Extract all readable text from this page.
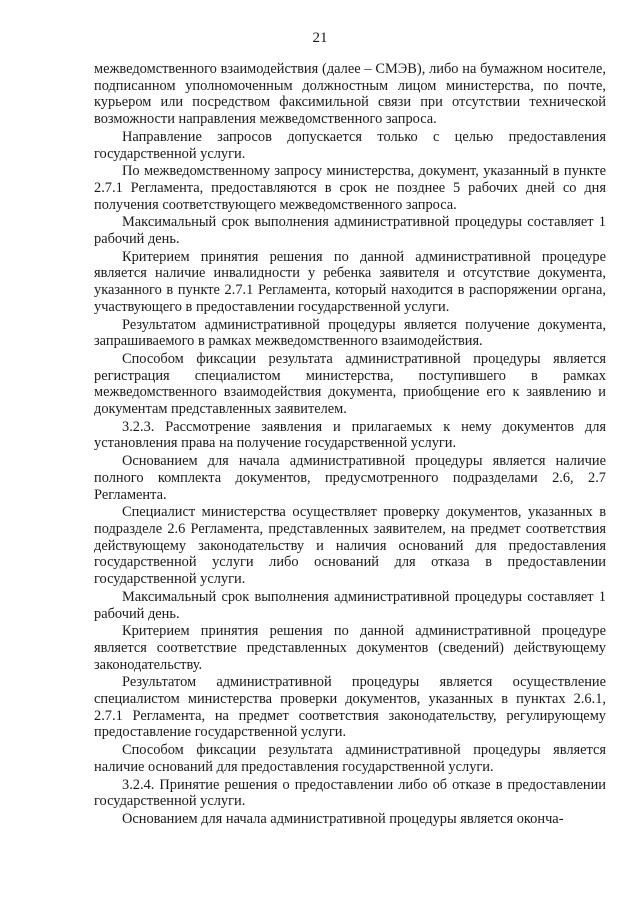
21

межведомственного взаимодействия (далее – СМЭВ), либо на бумажном носителе, подписанном уполномоченным должностным лицом министерства, по почте, курьером или посредством факсимильной связи при отсутствии технической возможности направления межведомственного запроса.

Направление запросов допускается только с целью предоставления государственной услуги.

По межведомственному запросу министерства, документ, указанный в пункте 2.7.1 Регламента, предоставляются в срок не позднее 5 рабочих дней со дня получения соответствующего межведомственного запроса.

Максимальный срок выполнения административной процедуры составляет 1 рабочий день.

Критерием принятия решения по данной административной процедуре является наличие инвалидности у ребенка заявителя и отсутствие документа, указанного в пункте 2.7.1 Регламента, который находится в распоряжении органа, участвующего в предоставлении государственной услуги.

Результатом административной процедуры является получение документа, запрашиваемого в рамках межведомственного взаимодействия.

Способом фиксации результата административной процедуры является регистрация специалистом министерства, поступившего в рамках межведомственного взаимодействия документа, приобщение его к заявлению и документам представленных заявителем.

3.2.3. Рассмотрение заявления и прилагаемых к нему документов для установления права на получение государственной услуги.

Основанием для начала административной процедуры является наличие полного комплекта документов, предусмотренного подразделами 2.6, 2.7 Регламента.

Специалист министерства осуществляет проверку документов, указанных в подразделе 2.6 Регламента, представленных заявителем, на предмет соответствия действующему законодательству и наличия оснований для предоставления государственной услуги либо оснований для отказа в предоставлении государственной услуги.

Максимальный срок выполнения административной процедуры составляет 1 рабочий день.

Критерием принятия решения по данной административной процедуре является соответствие представленных документов (сведений) действующему законодательству.

Результатом административной процедуры является осуществление специалистом министерства проверки документов, указанных в пунктах 2.6.1, 2.7.1 Регламента, на предмет соответствия законодательству, регулирующему предоставление государственной услуги.

Способом фиксации результата административной процедуры является наличие оснований для предоставления государственной услуги.

3.2.4. Принятие решения о предоставлении либо об отказе в предоставлении государственной услуги.

Основанием для начала административной процедуры является оконча-
